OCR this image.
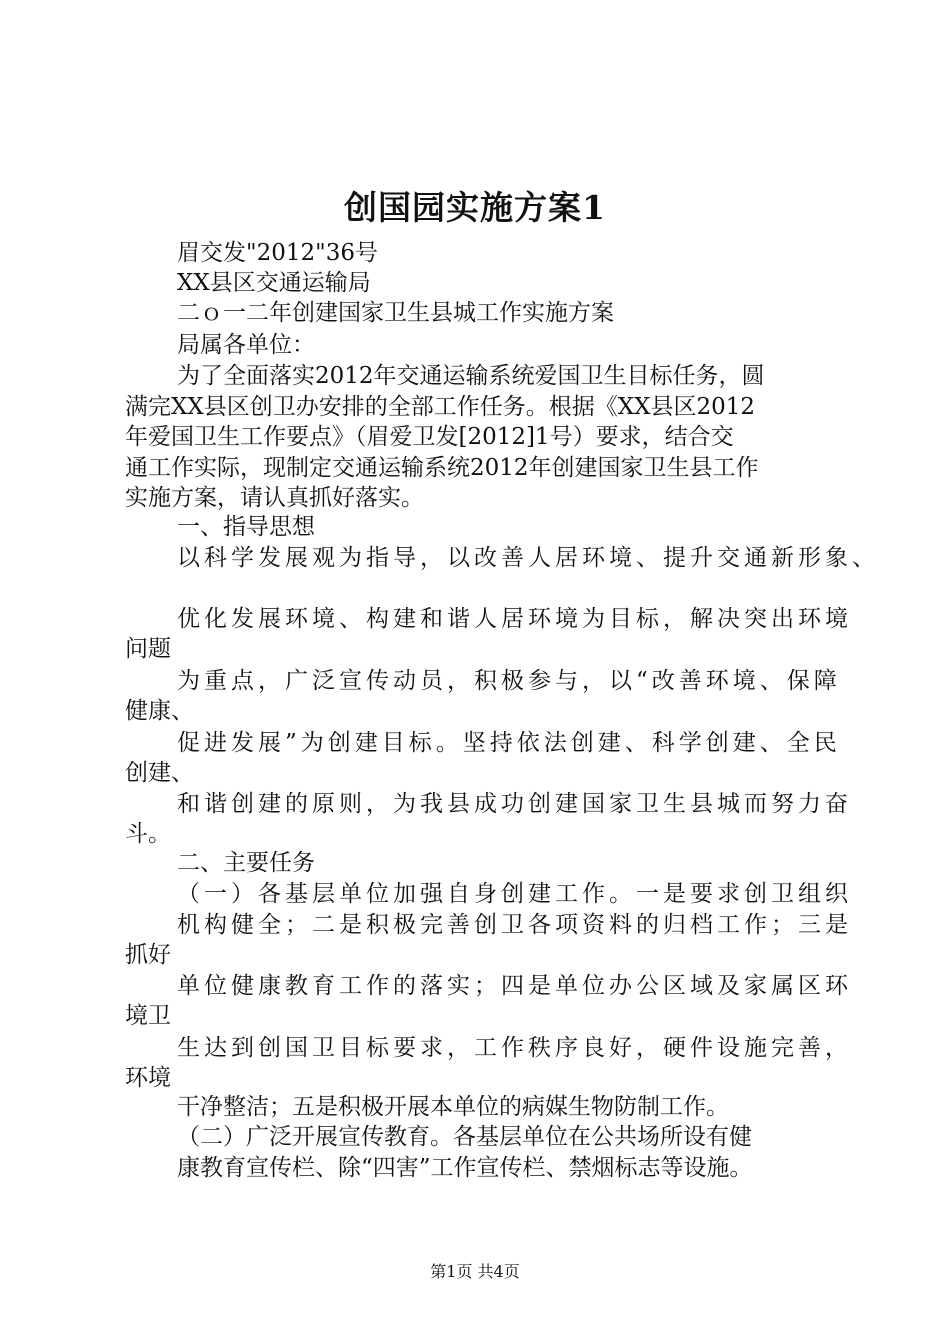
创国园实施方案1
眉交发"2012"36号
XX县区交通运输局
二ｏ一二年创建国家卫生县城工作实施方案
局属各单位：
为了全面落实2012年交通运输系统爱国卫生目标任务，圆
满完XX县区创卫办安排的全部工作任务。根据《XX县区2012
年爱国卫生工作要点》（眉爱卫发[2012]1号）要求，结合交
通工作实际，现制定交通运输系统2012年创建国家卫生县工作
实施方案，请认真抓好落实。
一、指导思想
以科学发展观为指导，以改善人居环境、提升交通新形象、
优化发展环境、构建和谐人居环境为目标，解决突出环境
问题
为重点，广泛宣传动员，积极参与，以“改善环境、保障
健康、
促进发展”为创建目标。坚持依法创建、科学创建、全民
创建、
和谐创建的原则，为我县成功创建国家卫生县城而努力奋
斗。
二、主要任务
（一）各基层单位加强自身创建工作。一是要求创卫组织
机构健全；二是积极完善创卫各项资料的归档工作；三是
抓好
单位健康教育工作的落实；四是单位办公区域及家属区环
境卫
生达到创国卫目标要求，工作秩序良好，硬件设施完善，
环境
干净整洁；五是积极开展本单位的病媒生物防制工作。
（二）广泛开展宣传教育。各基层单位在公共场所设有健
康教育宣传栏、除“四害”工作宣传栏、禁烟标志等设施。
第1页 共4页
